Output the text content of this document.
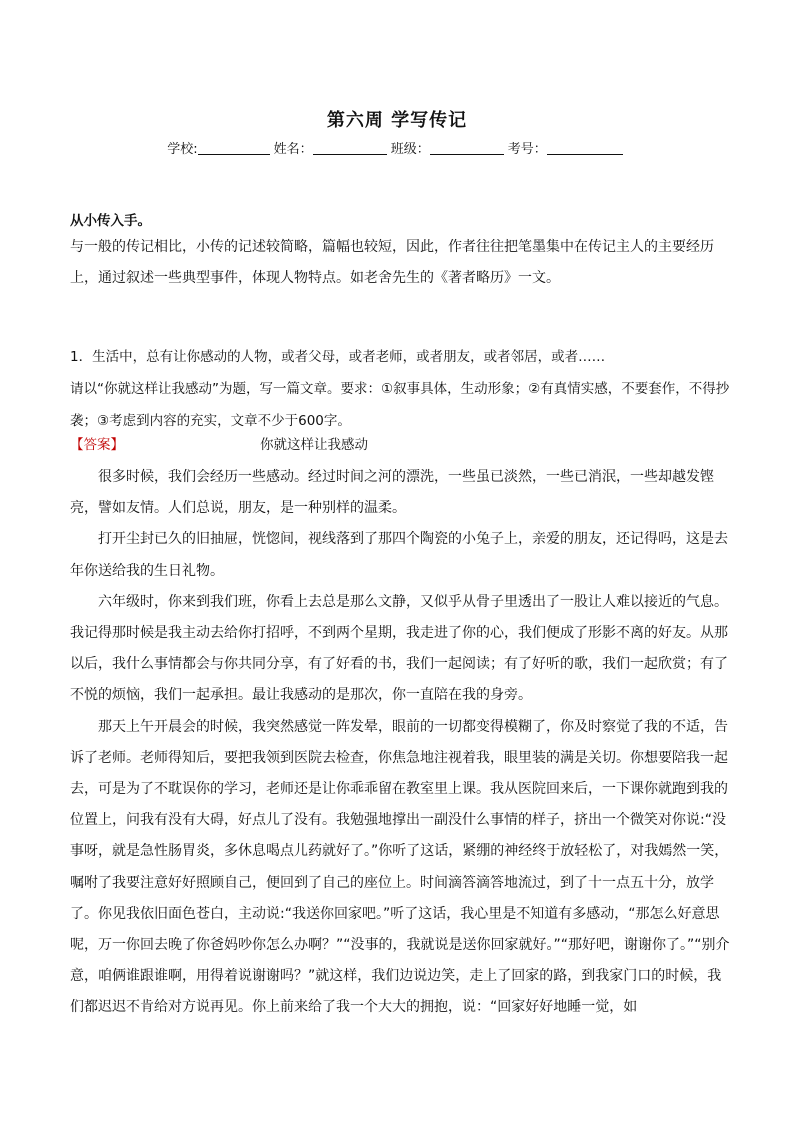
第六周 学写传记
学校:	姓名：	班级：	考号：
从小传入手。
与一般的传记相比，小传的记述较简略，篇幅也较短，因此，作者往往把笔墨集中在传记主人的主要经历上，通过叙述一些典型事件，体现人物特点。如老舍先生的《著者略历》一文。

1．生活中，总有让你感动的人物，或者父母，或者老师，或者朋友，或者邻居，或者……

请以“你就这样让我感动”为题，写一篇文章。要求：①叙事具体，生动形象；②有真情实感，不要套作，不得抄袭；③考虑到内容的充实，文章不少于600字。

【答案】	你就这样让我感动

很多时候，我们会经历一些感动。经过时间之河的漂洗，一些虽已淡然，一些已消泯，一些却越发铿亮，譬如友情。人们总说，朋友，是一种别样的温柔。

打开尘封已久的旧抽屉，恍惚间，视线落到了那四个陶瓷的小兔子上，亲爱的朋友，还记得吗，这是去年你送给我的生日礼物。

六年级时，你来到我们班，你看上去总是那么文静，又似乎从骨子里透出了一股让人难以接近的气息。我记得那时候是我主动去给你打招呼，不到两个星期，我走进了你的心，我们便成了形影不离的好友。从那以后，我什么事情都会与你共同分享，有了好看的书，我们一起阅读；有了好听的歌，我们一起欣赏；有了不悦的烦恼，我们一起承担。最让我感动的是那次，你一直陪在我的身旁。

那天上午开晨会的时候，我突然感觉一阵发晕，眼前的一切都变得模糊了，你及时察觉了我的不适，告诉了老师。老师得知后，要把我领到医院去检查，你焦急地注视着我，眼里装的满是关切。你想要陪我一起去，可是为了不耽误你的学习，老师还是让你乖乖留在教室里上课。我从医院回来后，一下课你就跑到我的位置上，问我有没有大碍，好点儿了没有。我勉强地撑出一副没什么事情的样子，挤出一个微笑对你说:“没事呀，就是急性肠胃炎，多休息喝点儿药就好了。”你听了这话，紧绷的神经终于放轻松了，对我嫣然一笑，嘱咐了我要注意好好照顾自己，便回到了自己的座位上。时间滴答滴答地流过，到了十一点五十分，放学了。你见我依旧面色苍白，主动说:“我送你回家吧。”听了这话，我心里是不知道有多感动，“那怎么好意思呢，万一你回去晚了你爸妈吵你怎么办啊？”“没事的，我就说是送你回家就好。”“那好吧，谢谢你了。”“别介意，咱俩谁跟谁啊，用得着说谢谢吗？”就这样，我们边说边笑，走上了回家的路，到我家门口的时候，我们都迟迟不肯给对方说再见。你上前来给了我一个大大的拥抱，说：“回家好好地睡一觉，如
